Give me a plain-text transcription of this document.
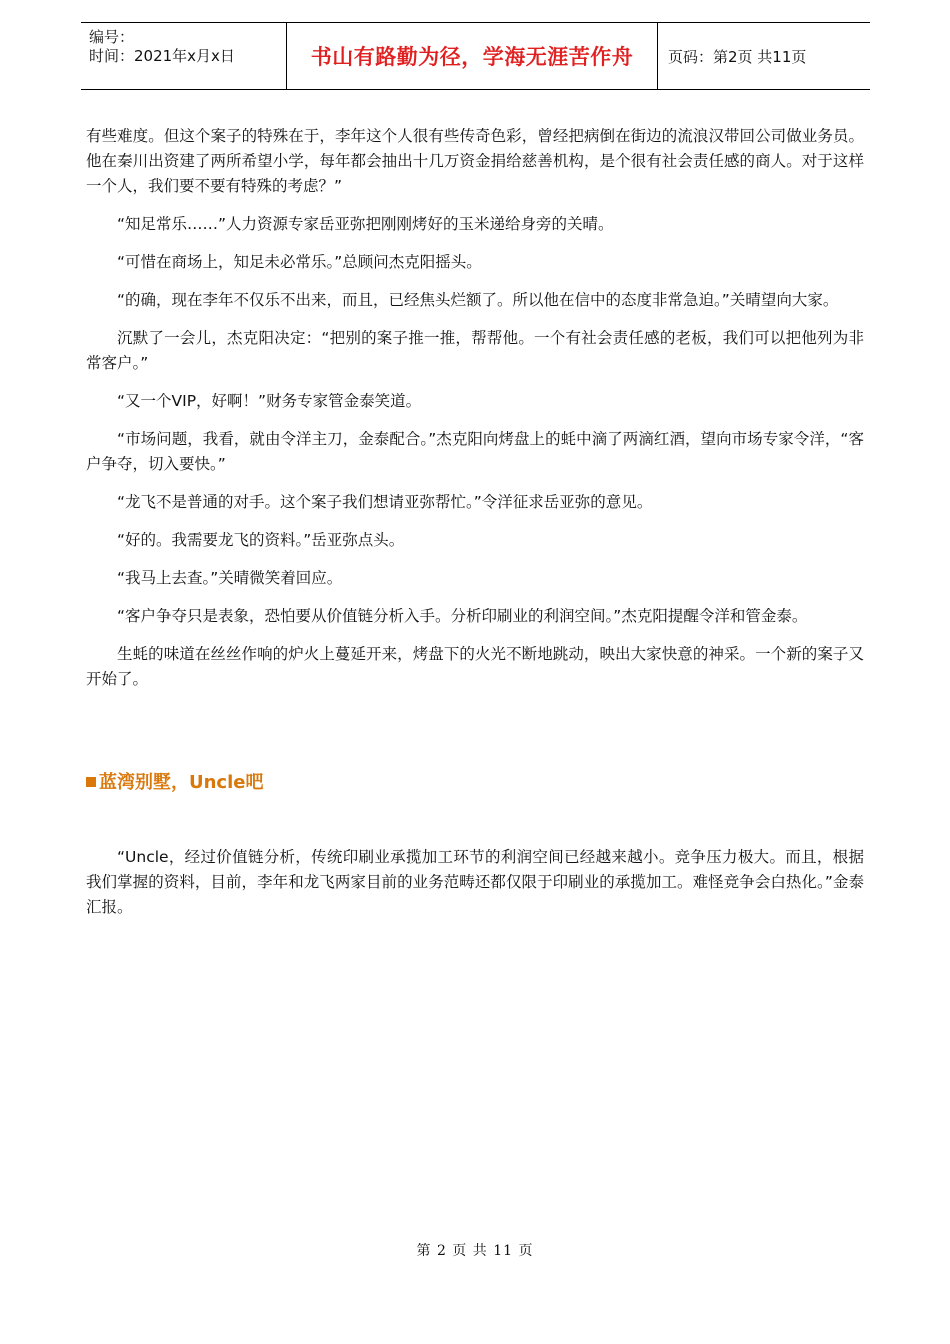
编号：
时间：2021年x月x日	书山有路勤为径，学海无涯苦作舟	页码：第2页 共11页

有些难度。但这个案子的特殊在于，李年这个人很有些传奇色彩，曾经把病倒在街边的流浪汉带回公司做业务员。他在秦川出资建了两所希望小学，每年都会抽出十几万资金捐给慈善机构，是个很有社会责任感的商人。对于这样一个人，我们要不要有特殊的考虑？”

“知足常乐……”人力资源专家岳亚弥把刚刚烤好的玉米递给身旁的关晴。

“可惜在商场上，知足未必常乐。”总顾问杰克阳摇头。

“的确，现在李年不仅乐不出来，而且，已经焦头烂额了。所以他在信中的态度非常急迫。”关晴望向大家。

沉默了一会儿，杰克阳决定：“把别的案子推一推，帮帮他。一个有社会责任感的老板，我们可以把他列为非常客户。”

“又一个VIP，好啊！”财务专家管金泰笑道。

“市场问题，我看，就由令洋主刀，金泰配合。”杰克阳向烤盘上的蚝中滴了两滴红酒，望向市场专家令洋，“客户争夺，切入要快。”

“龙飞不是普通的对手。这个案子我们想请亚弥帮忙。”令洋征求岳亚弥的意见。

“好的。我需要龙飞的资料。”岳亚弥点头。

“我马上去查。”关晴微笑着回应。

“客户争夺只是表象，恐怕要从价值链分析入手。分析印刷业的利润空间。”杰克阳提醒令洋和管金泰。

生蚝的味道在丝丝作响的炉火上蔓延开来，烤盘下的火光不断地跳动，映出大家快意的神采。一个新的案子又开始了。

蓝湾别墅，Uncle吧

“Uncle，经过价值链分析，传统印刷业承揽加工环节的利润空间已经越来越小。竞争压力极大。而且，根据我们掌握的资料，目前，李年和龙飞两家目前的业务范畴还都仅限于印刷业的承揽加工。难怪竞争会白热化。”金泰汇报。

第 2 页 共 11 页
